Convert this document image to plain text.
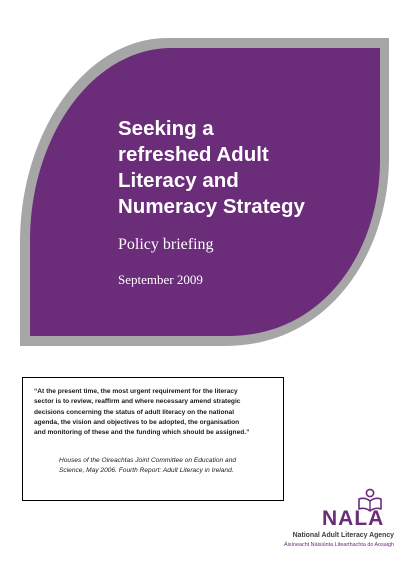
Seeking a
refreshed Adult
Literacy and
Numeracy Strategy
Policy briefing
September 2009
“At the present time, the most urgent requirement for the literacy
sector is to review, reaffirm and where necessary amend strategic
decisions concerning the status of adult literacy on the national
agenda, the vision and objectives to be adopted, the organisation
and monitoring of these and the funding which should be assigned.”
Houses of the Oireachtas Joint Committee on Education and
Science, May 2006. Fourth Report: Adult Literacy in Ireland.
NALA
National Adult Literacy Agency
Áisíneacht Náisiúnta Litearthachta do Aosaigh
